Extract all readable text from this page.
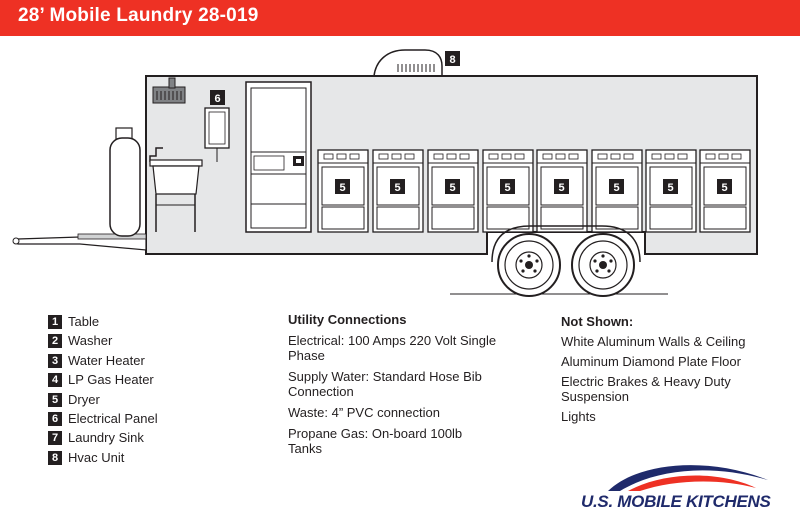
28’ Mobile Laundry 28-019
8
6
5	5	5	5	5	5	5	5
1 Table
2 Washer
3 Water Heater
4 LP Gas Heater
5 Dryer
6 Electrical Panel
7 Laundry Sink
8 Hvac Unit
Utility Connections

Electrical: 100 Amps 220 Volt Single Phase

Supply Water: Standard Hose Bib Connection

Waste: 4” PVC connection

Propane Gas: On-board 100lb Tanks

Not Shown:

White Aluminum Walls & Ceiling

Aluminum Diamond Plate Floor

Electric Brakes & Heavy Duty Suspension

Lights

U.S. MOBILE KITCHENS
